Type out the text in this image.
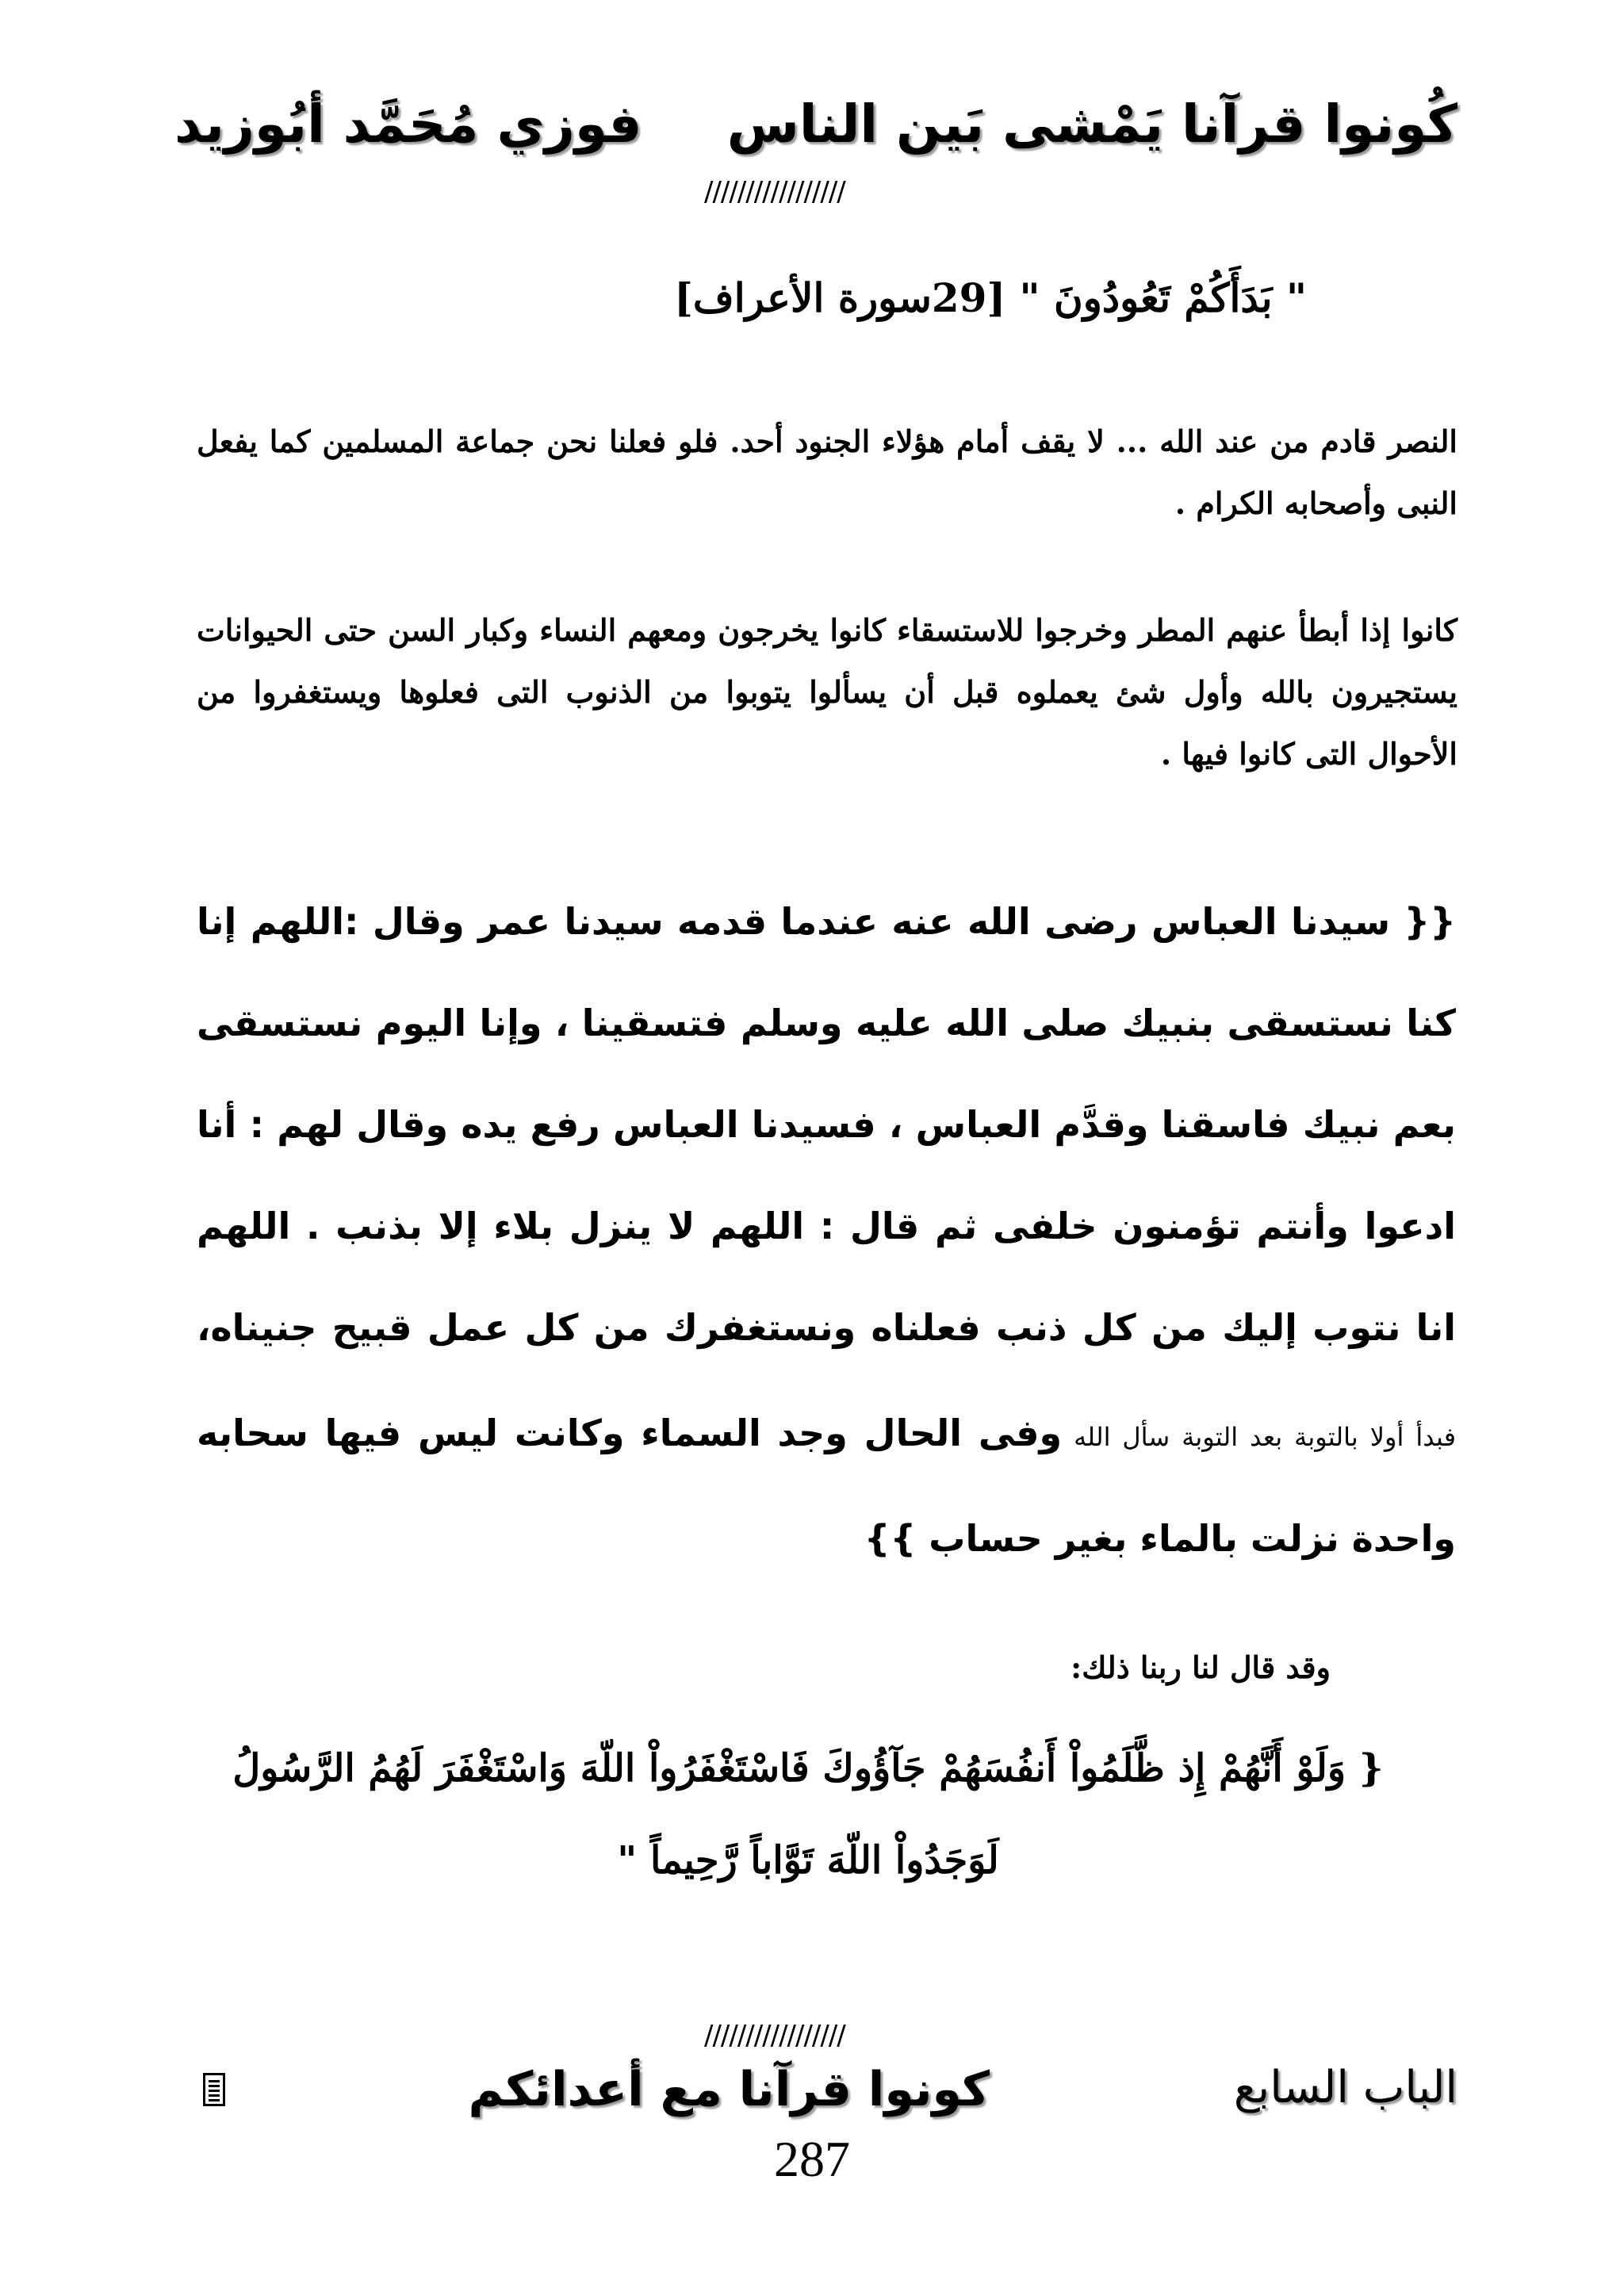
كُونوا قرآنا يَمْشى بَين الناس
فوزي مُحَمَّد أبُوزيد
/////////////////
" بَدَأَكُمْ تَعُودُونَ " [29سورة الأعراف]
النصر قادم من عند الله ... لا يقف أمام هؤلاء الجنود أحد. فلو فعلنا نحن جماعة المسلمين كما يفعل النبى وأصحابه الكرام .
كانوا إذا أبطأ عنهم المطر وخرجوا للاستسقاء كانوا يخرجون ومعهم النساء وكبار السن حتى الحيوانات يستجيرون بالله وأول شئ يعملوه قبل أن يسألوا يتوبوا من الذنوب التى فعلوها ويستغفروا من الأحوال التى كانوا فيها .
{{ سيدنا العباس رضى الله عنه عندما قدمه سيدنا عمر وقال :اللهم إنا كنا نستسقى بنبيك صلى الله عليه وسلم فتسقينا ، وإنا اليوم نستسقى بعم نبيك فاسقنا وقدَّم العباس ، فسيدنا العباس رفع يده وقال لهم : أنا ادعوا وأنتم تؤمنون خلفى ثم قال : اللهم لا ينزل بلاء إلا بذنب . اللهم انا نتوب إليك من كل ذنب فعلناه ونستغفرك من كل عمل قبيح جنيناه، فبدأ أولا بالتوبة بعد التوبة سأل الله وفى الحال وجد السماء وكانت ليس فيها سحابه واحدة نزلت بالماء بغير حساب }}
وقد قال لنا ربنا ذلك:
{ وَلَوْ أَنَّهُمْ إِذ ظَّلَمُواْ أَنفُسَهُمْ جَآؤُوكَ فَاسْتَغْفَرُواْ اللّهَ وَاسْتَغْفَرَ لَهُمُ الرَّسُولُ لَوَجَدُواْ اللّهَ تَوَّاباً رَّحِيماً "
/////////////////
الباب السابع
كونوا قرآنا مع أعدائكم
287
